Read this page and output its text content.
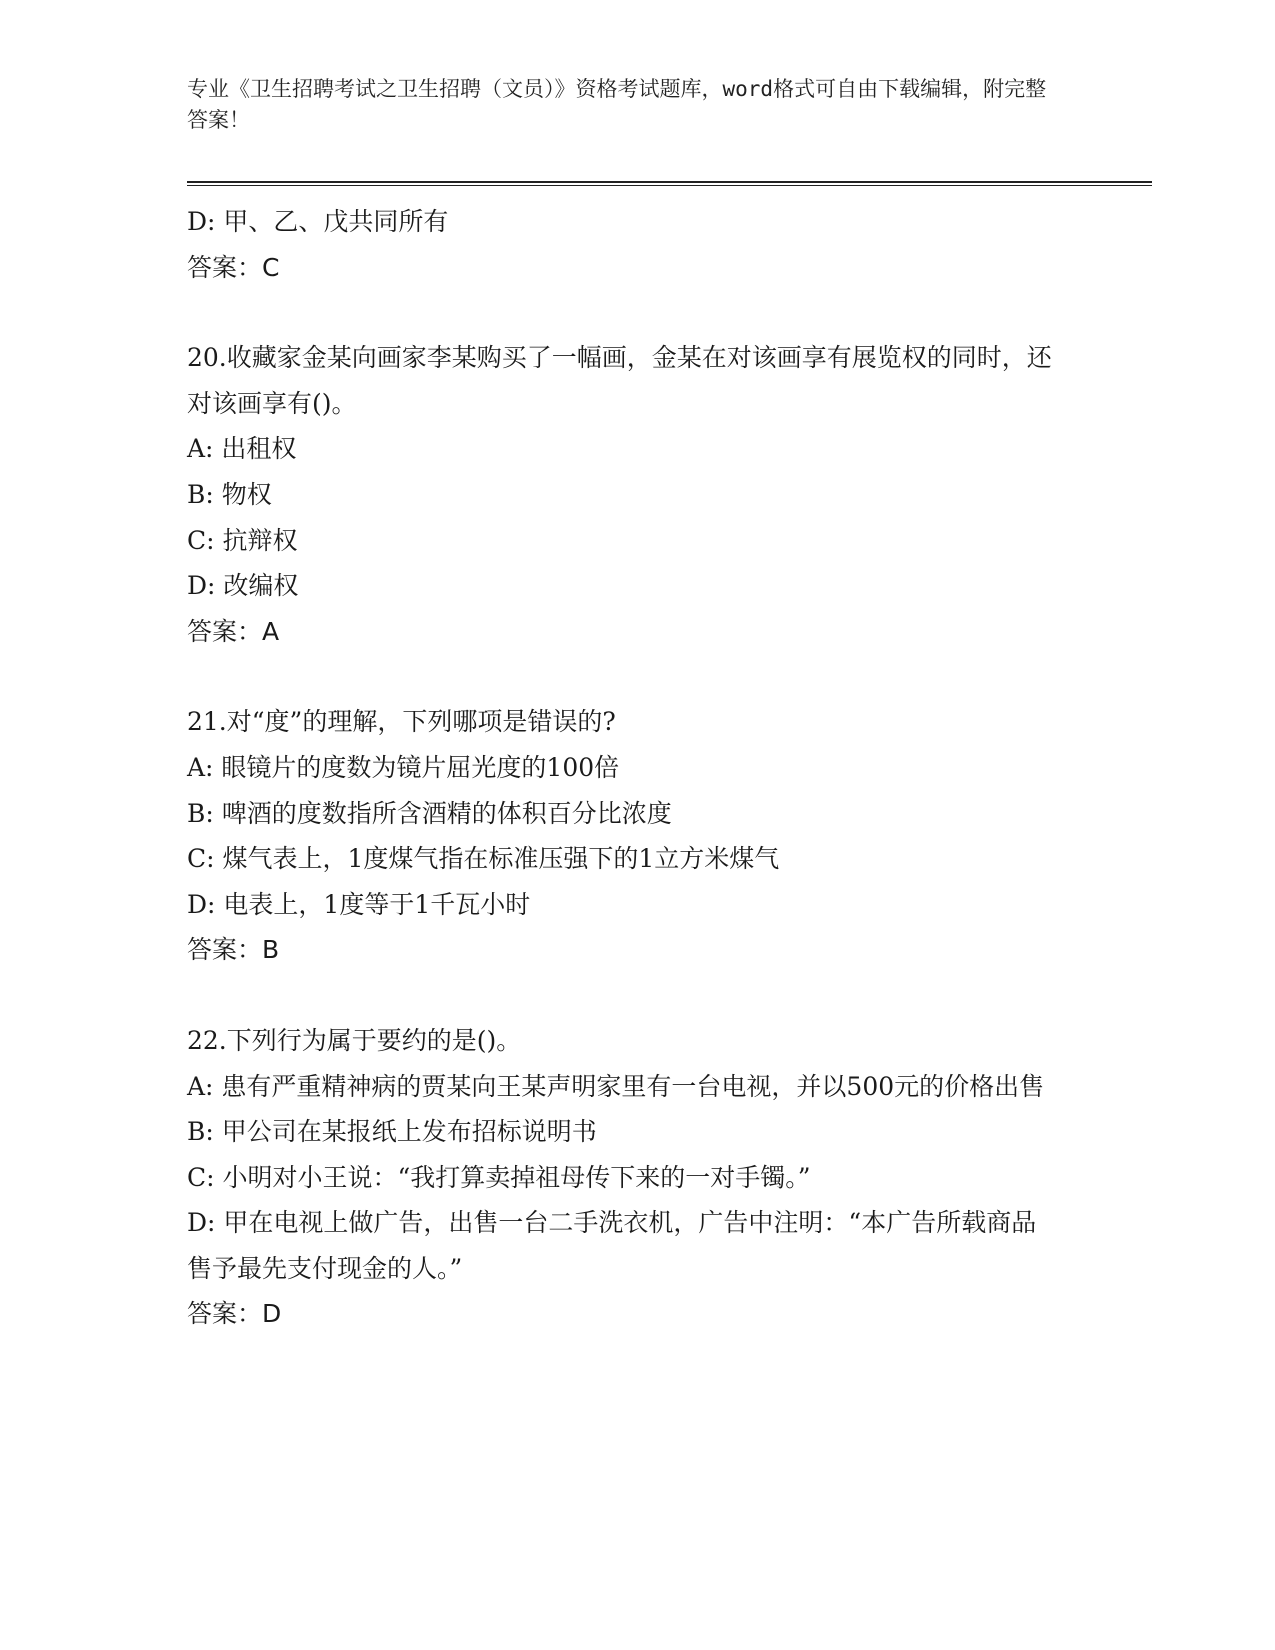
专业《卫生招聘考试之卫生招聘（文员）》资格考试题库，word格式可自由下载编辑，附完整答案！
D: 甲、乙、戊共同所有
答案：C
20.收藏家金某向画家李某购买了一幅画，金某在对该画享有展览权的同时，还对该画享有()。
A: 出租权
B: 物权
C: 抗辩权
D: 改编权
答案：A
21.对“度”的理解，下列哪项是错误的?
A: 眼镜片的度数为镜片屈光度的100倍
B: 啤酒的度数指所含酒精的体积百分比浓度
C: 煤气表上，1度煤气指在标准压强下的1立方米煤气
D: 电表上，1度等于1千瓦小时
答案：B
22.下列行为属于要约的是()。
A: 患有严重精神病的贾某向王某声明家里有一台电视，并以500元的价格出售
B: 甲公司在某报纸上发布招标说明书
C: 小明对小王说：“我打算卖掉祖母传下来的一对手镯。”
D: 甲在电视上做广告，出售一台二手洗衣机，广告中注明：“本广告所载商品售予最先支付现金的人。”
答案：D
